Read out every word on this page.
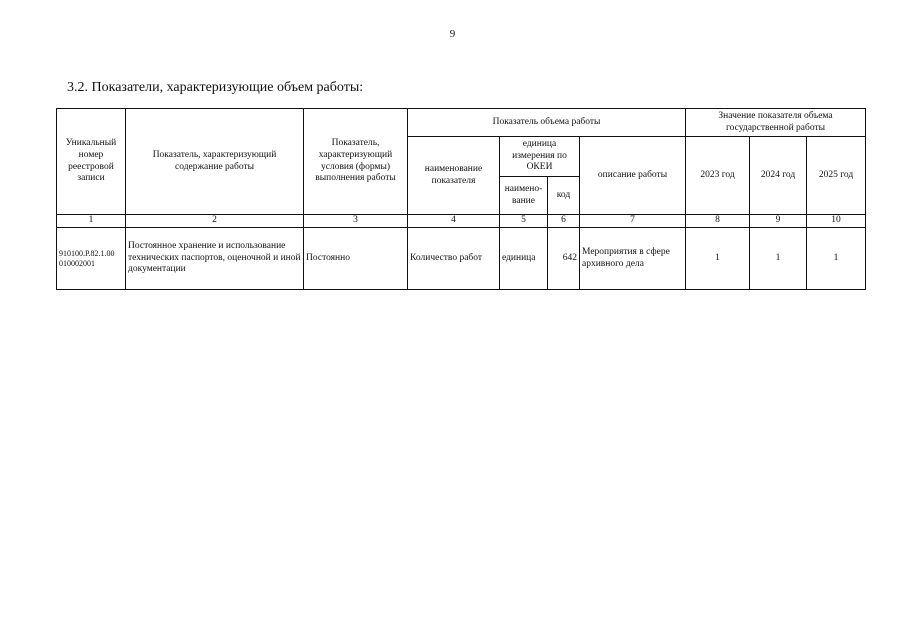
9
3.2. Показатели, характеризующие объем работы:
Уникальный номер реестровой записи	Показатель, характеризующий содержание работы	Показатель, характеризующий условия (формы) выполнения работы	Показатель объема работы				Значение показателя объема государственной работы		
			наименование показателя	единица измерения по ОКЕИ		описание работы	2023 год	2024 год	2025 год
				наимено-вание	код				
1	2	3	4	5	6	7	8	9	10
910100.Р.82.1.00 010002001	Постоянное хранение и использование технических паспортов, оценочной и иной документации	Постоянно	Количество работ	единица	642	Мероприятия в сфере архивного дела	1	1	1
